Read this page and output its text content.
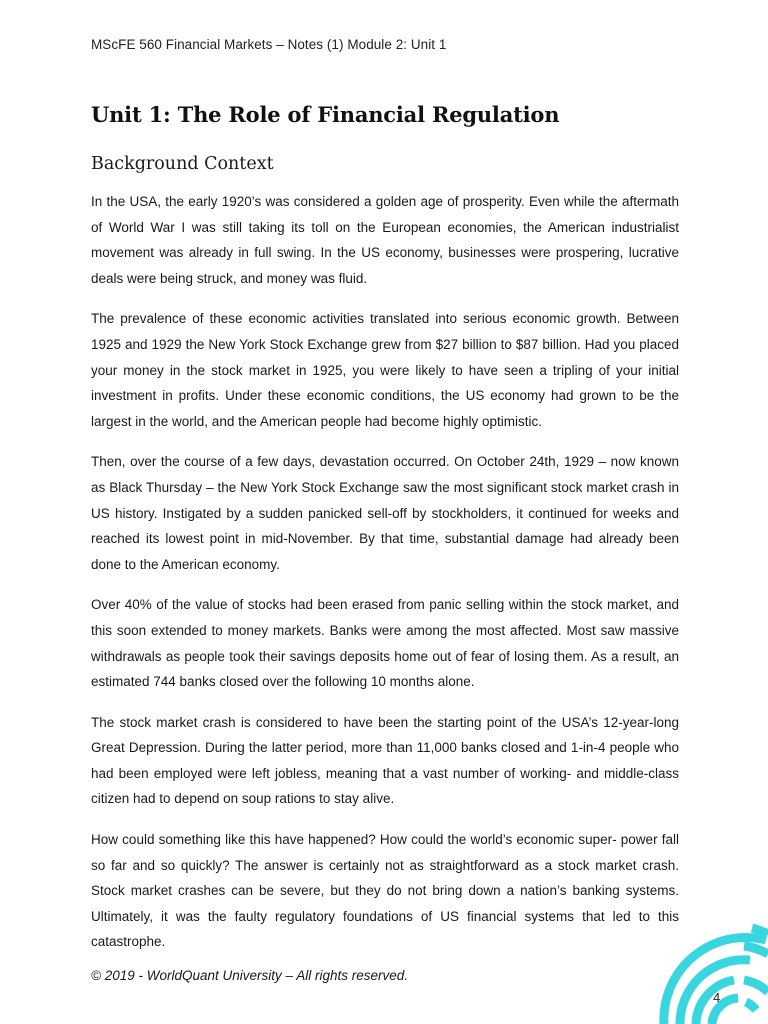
MScFE 560 Financial Markets – Notes (1) Module 2: Unit 1
Unit 1: The Role of Financial Regulation
Background Context

In the USA, the early 1920’s was considered a golden age of prosperity. Even while the aftermath of World War I was still taking its toll on the European economies, the American industrialist movement was already in full swing. In the US economy, businesses were prospering, lucrative deals were being struck, and money was fluid.

The prevalence of these economic activities translated into serious economic growth. Between 1925 and 1929 the New York Stock Exchange grew from $27 billion to $87 billion. Had you placed your money in the stock market in 1925, you were likely to have seen a tripling of your initial investment in profits. Under these economic conditions, the US economy had grown to be the largest in the world, and the American people had become highly optimistic.

Then, over the course of a few days, devastation occurred. On October 24th, 1929 – now known as Black Thursday – the New York Stock Exchange saw the most significant stock market crash in US history. Instigated by a sudden panicked sell-off by stockholders, it continued for weeks and reached its lowest point in mid-November. By that time, substantial damage had already been done to the American economy.

Over 40% of the value of stocks had been erased from panic selling within the stock market, and this soon extended to money markets. Banks were among the most affected. Most saw massive withdrawals as people took their savings deposits home out of fear of losing them. As a result, an estimated 744 banks closed over the following 10 months alone.

The stock market crash is considered to have been the starting point of the USA’s 12-year-long Great Depression. During the latter period, more than 11,000 banks closed and 1-in-4 people who had been employed were left jobless, meaning that a vast number of working- and middle-class citizen had to depend on soup rations to stay alive.

How could something like this have happened? How could the world’s economic super- power fall so far and so quickly? The answer is certainly not as straightforward as a stock market crash. Stock market crashes can be severe, but they do not bring down a nation’s banking systems. Ultimately, it was the faulty regulatory foundations of US financial systems that led to this catastrophe.

© 2019 - WorldQuant University – All rights reserved.
4
